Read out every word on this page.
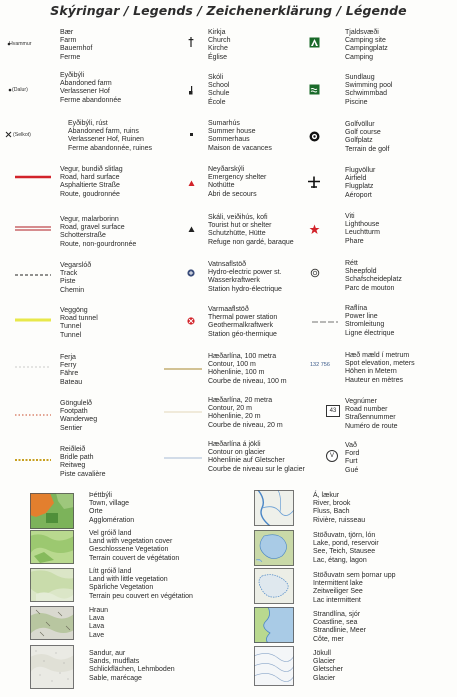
Skýringar / Legends / Zeichenerklärung / Légende
Hvammur
Bær
Farm
Bauernhof
Ferme
(Dalur)
Eyðibýli
Abandoned farm
Verlassener Hof
Ferme abandonnée
(Selkot)
Eyðibýli, rúst
Abandoned farm, ruins
Verlassener Hof, Ruinen
Ferme abandonnée, ruines
Vegur, bundið slitlag
Road, hard surface
Asphaltierte Straße
Route, goudronnée
Vegur, malarborinn
Road, gravel surface
Schotterstraße
Route, non-gourdronnée
Vegarslóð
Track
Piste
Chemin
Veggöng
Road tunnel
Tunnel
Tunnel
Ferja
Ferry
Fähre
Bateau
Göngulelð
Footpath
Wanderweg
Sentier
Reiðleið
Bridle path
Reitweg
Piste cavalière
Kirkja
Church
Kirche
Église
Skóli
School
Schule
École
Sumarhús
Summer house
Sommerhaus
Maison de vacances
Neyðarskýli
Emergency shelter
Nothütte
Abri de secours
Skáli, veiðihús, kofi
Tourist hut or shelter
Schutzhütte, Hütte
Refuge non gardé, baraque
Vatnsaflstöð
Hydro-electric power st.
Wasserkraftwerk
Station hydro-électrique
Varmaaflstöð
Thermal power station
Geothermalkraftwerk
Station géo-thermique
Hæðarlína, 100 metra
Contour, 100 m
Höhenlinie, 100 m
Courbe de niveau, 100 m
Hæðarlína, 20 metra
Contour, 20 m
Höhenlinie, 20 m
Courbe de niveau, 20 m
Hæðarlína á jökli
Contour on glacier
Höhenlinie auf Gletscher
Courbe de niveau sur le glacier
Tjaldsvæði
Camping site
Campingplatz
Camping
Sundlaug
Swimming pool
Schwimmbad
Piscine
Golfvöllur
Golf course
Golfplatz
Terrain de golf
Flugvöllur
Airfield
Flugplatz
Aéroport
Viti
Lighthouse
Leuchtturm
Phare
Rétt
Sheepfold
Schafscheideplatz
Parc de mouton
Raflína
Power line
Stromleitung
Ligne électrique
132 756
Hæð mæld í metrum
Spot elevation, meters
Höhen in Metern
Hauteur en mètres
43
Vegnúmer
Road number
Straßennummer
Numéro de route
V
Vað
Ford
Furt
Gué
Þéttbýli
Town, village
Orte
Agglomération
Vel gróið land
Land with vegetation cover
Geschlossene Vegetation
Terrain couvert de végétation
Lítt gróið land
Land with little vegetation
Spärliche Vegetation
Terrain peu couvert en végétation
Hraun
Lava
Lava
Lave
Sandur, aur
Sands, mudflats
Schlickflächen, Lehmboden
Sable, marécage
Á, lækur
River, brook
Fluss, Bach
Rivière, ruisseau
Stöðuvatn, tjörn, lón
Lake, pond, reservoir
See, Teich, Stausee
Lac, étang, lagon
Stöðuvatn sem þornar upp
Intermittent lake
Zeitweiliger See
Lac intermittent
Strandlína, sjór
Coastline, sea
Strandlinie, Meer
Côte, mer
Jökull
Glacier
Gletscher
Glacier
